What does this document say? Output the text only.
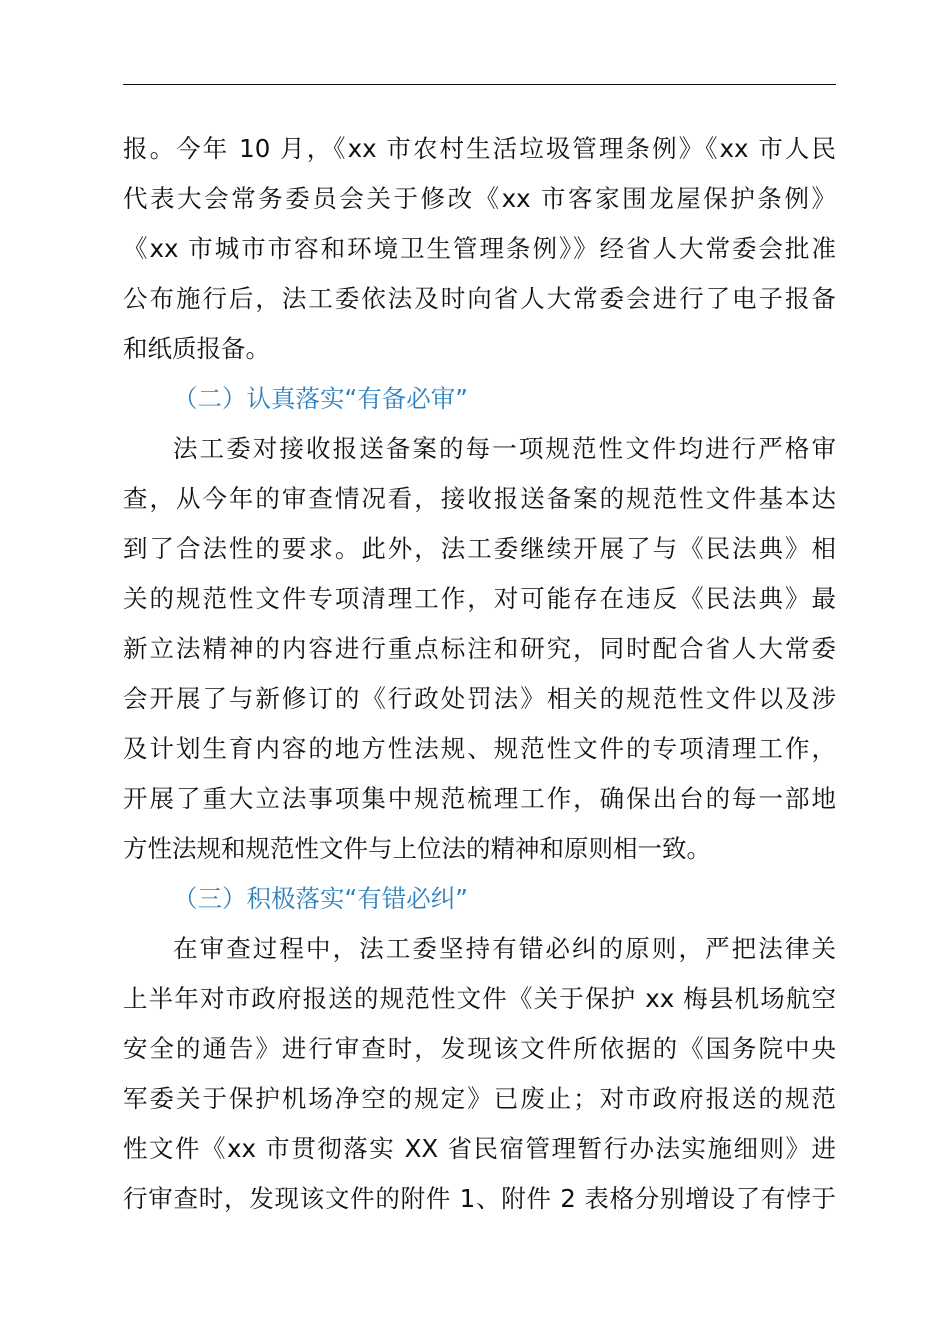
报。今年 10 月，《xx 市农村生活垃圾管理条例》《xx 市人民
代表大会常务委员会关于修改《xx 市客家围龙屋保护条例》
《xx 市城市市容和环境卫生管理条例》》经省人大常委会批准
公布施行后，法工委依法及时向省人大常委会进行了电子报备
和纸质报备。
（二）认真落实“有备必审”
法工委对接收报送备案的每一项规范性文件均进行严格审
查，从今年的审查情况看，接收报送备案的规范性文件基本达
到了合法性的要求。此外，法工委继续开展了与《民法典》相
关的规范性文件专项清理工作，对可能存在违反《民法典》最
新立法精神的内容进行重点标注和研究，同时配合省人大常委
会开展了与新修订的《行政处罚法》相关的规范性文件以及涉
及计划生育内容的地方性法规、规范性文件的专项清理工作，
开展了重大立法事项集中规范梳理工作，确保出台的每一部地
方性法规和规范性文件与上位法的精神和原则相一致。
（三）积极落实“有错必纠”
在审查过程中，法工委坚持有错必纠的原则，严把法律关
上半年对市政府报送的规范性文件《关于保护 xx 梅县机场航空
安全的通告》进行审查时，发现该文件所依据的《国务院中央
军委关于保护机场净空的规定》已废止；对市政府报送的规范
性文件《xx 市贯彻落实 XX 省民宿管理暂行办法实施细则》进
行审查时，发现该文件的附件 1、附件 2 表格分别增设了有悖于
